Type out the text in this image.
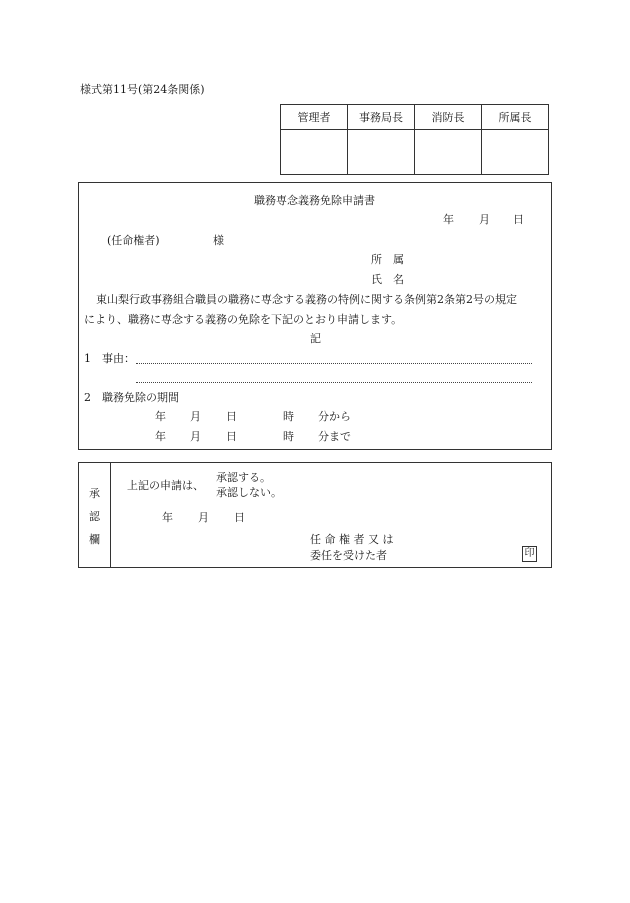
様式第11号(第24条関係)
管理者	事務局長	消防長	所属長

職務専念義務免除申請書
年 月 日
(任命権者)	様
所　属
氏　名
東山梨行政事務組合職員の職務に専念する義務の特例に関する条例第2条第2号の規定
により、職務に専念する義務の免除を下記のとおり申請します。
記
1　事由：
2　職務免除の期間
年 月 日	時 分から
年 月 日	時 分まで
承
認
欄
上記の申請は、
承認する。
承認しない。
年 月 日
任 命 権 者 又 は
委任を受けた者	印
